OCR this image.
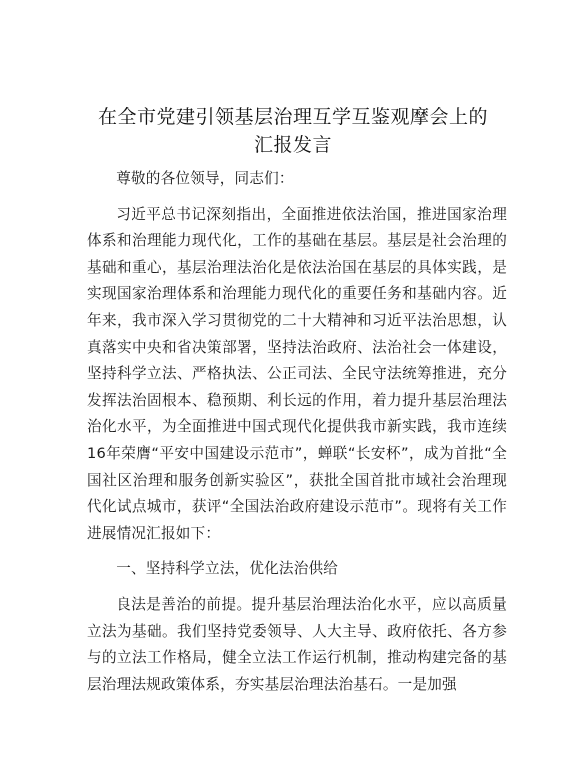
在全市党建引领基层治理互学互鉴观摩会上的
汇报发言

尊敬的各位领导，同志们：

习近平总书记深刻指出，全面推进依法治国，推进国家治理体系和治理能力现代化，工作的基础在基层。基层是社会治理的基础和重心，基层治理法治化是依法治国在基层的具体实践，是实现国家治理体系和治理能力现代化的重要任务和基础内容。近年来，我市深入学习贯彻党的二十大精神和习近平法治思想，认真落实中央和省决策部署，坚持法治政府、法治社会一体建设，坚持科学立法、严格执法、公正司法、全民守法统筹推进，充分发挥法治固根本、稳预期、利长远的作用，着力提升基层治理法治化水平，为全面推进中国式现代化提供我市新实践，我市连续16年荣膺“平安中国建设示范市”，蝉联“长安杯”，成为首批“全国社区治理和服务创新实验区”，获批全国首批市域社会治理现代化试点城市，获评“全国法治政府建设示范市”。现将有关工作进展情况汇报如下：

一、坚持科学立法，优化法治供给

良法是善治的前提。提升基层治理法治化水平，应以高质量立法为基础。我们坚持党委领导、人大主导、政府依托、各方参与的立法工作格局，健全立法工作运行机制，推动构建完备的基层治理法规政策体系，夯实基层治理法治基石。一是加强
